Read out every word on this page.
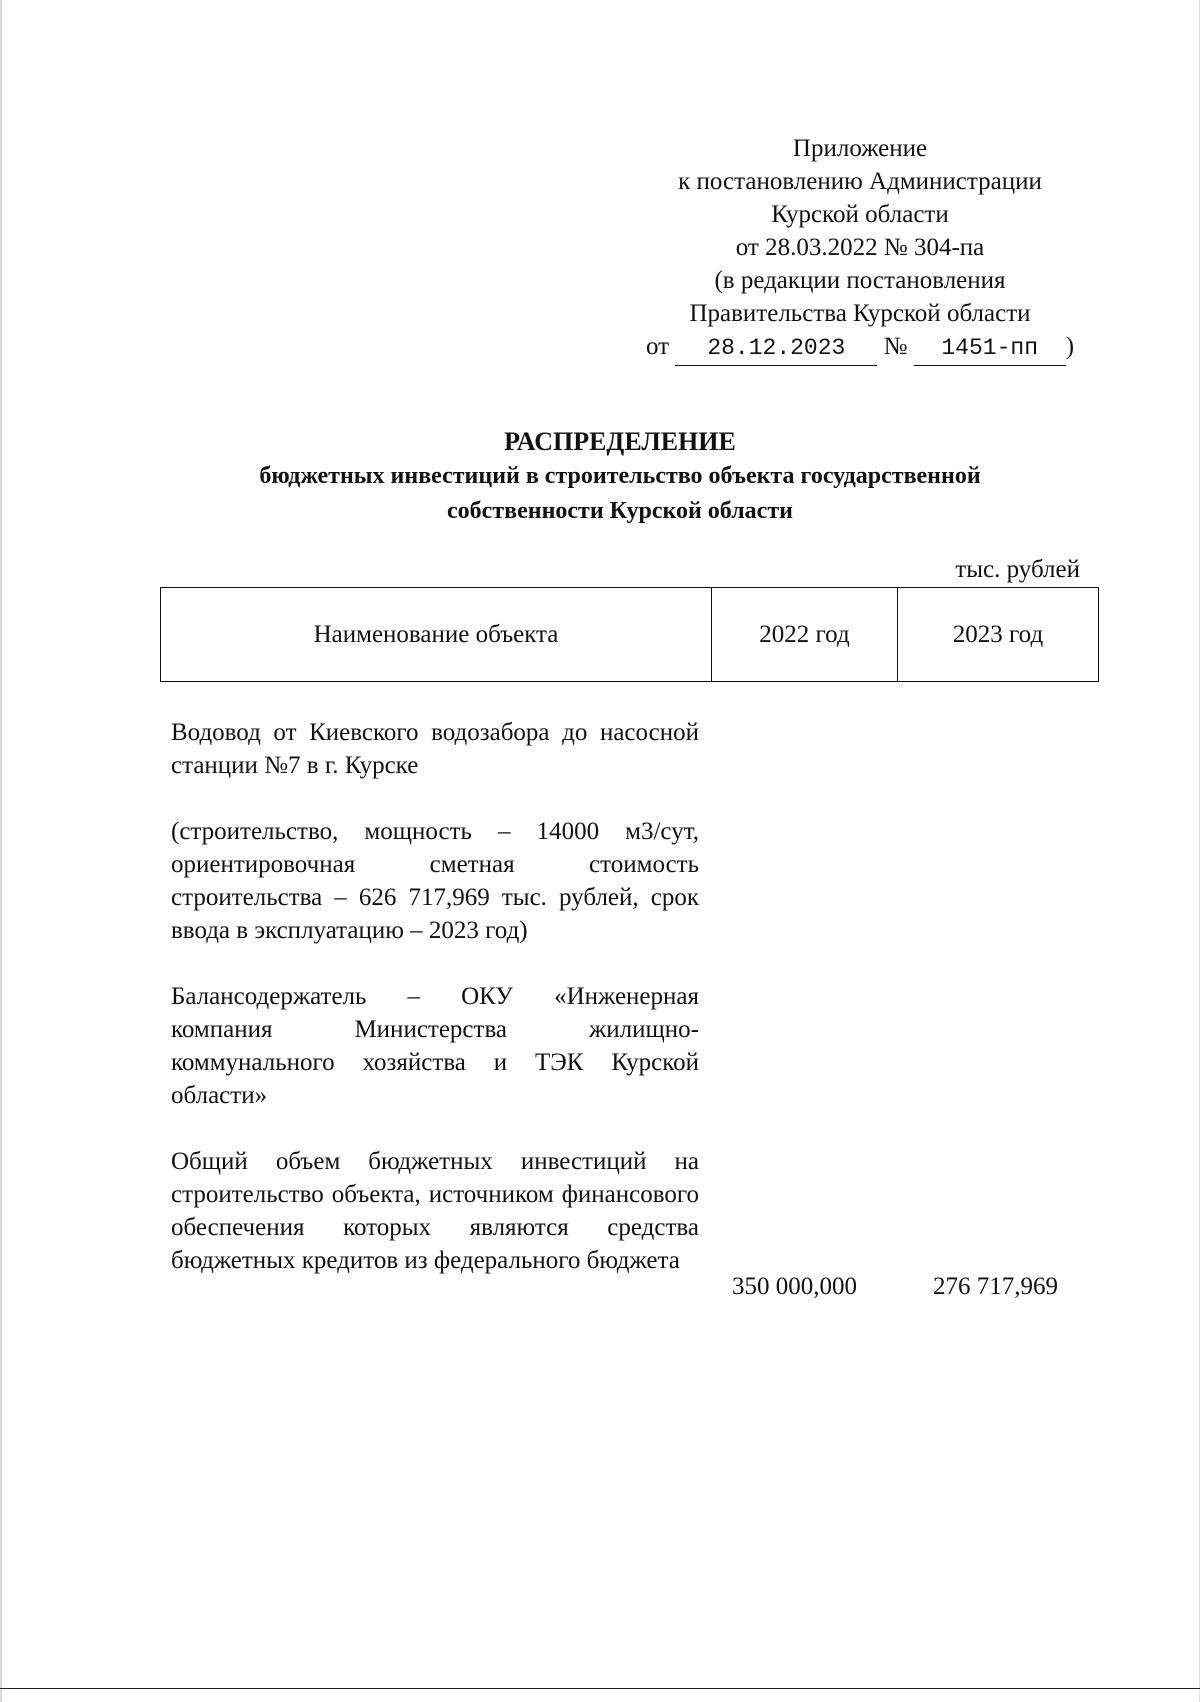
Приложение
к постановлению Администрации
Курской области
от 28.03.2022 № 304-па
(в редакции постановления
Правительства Курской области
от 28.12.2023 № 1451-пп )
РАСПРЕДЕЛЕНИЕ
бюджетных инвестиций в строительство объекта государственной
собственности Курской области
тыс. рублей
Наименование объекта	2022 год	2023 год

Водовод от Киевского водозабора до насосной станции №7 в г. Курске

(строительство, мощность – 14000 м3/сут, ориентировочная сметная стоимость строительства – 626 717,969 тыс. рублей, срок ввода в эксплуатацию – 2023 год)

Балансодержатель – ОКУ «Инженерная компания Министерства жилищно-коммунального хозяйства и ТЭК Курской области»

Общий объем бюджетных инвестиций на строительство объекта, источником финансового обеспечения которых являются средства бюджетных кредитов из федерального бюджета

350 000,000	276 717,969
